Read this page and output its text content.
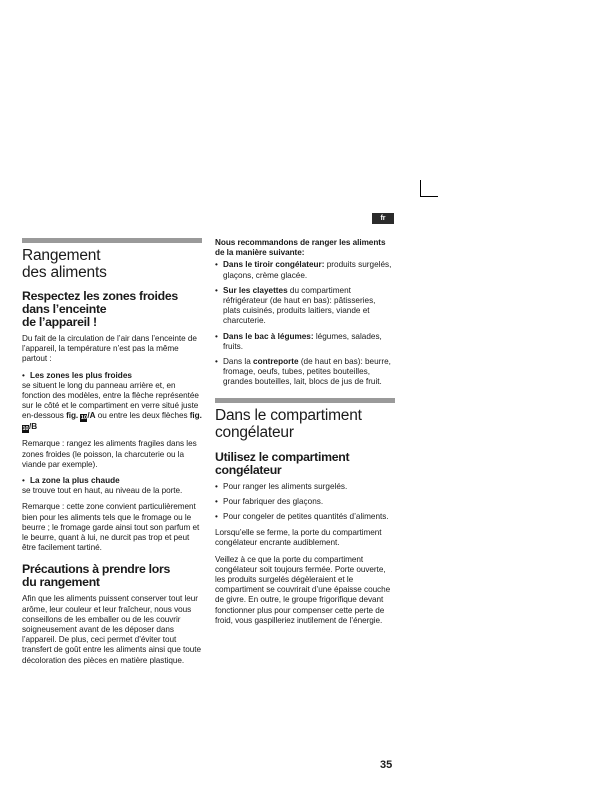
fr
Rangement
des aliments
Respectez les zones froides
dans l’enceinte
de l’appareil !

Du fait de la circulation de l’air dans l’enceinte de l’appareil, la température n’est pas la même partout :

• Les zones les plus froides

se situent le long du panneau arrière et, en fonction des modèles, entre la flèche représentée sur le côté et le compartiment en verre situé juste en-dessous fig. 10/A ou entre les deux flèches fig. 10/B

Remarque : rangez les aliments fragiles dans les zones froides (le poisson, la charcuterie ou la viande par exemple).

• La zone la plus chaude

se trouve tout en haut, au niveau de la porte.

Remarque : cette zone convient particulièrement bien pour les aliments tels que le fromage ou le beurre ; le fromage garde ainsi tout son parfum et le beurre, quant à lui, ne durcit pas trop et peut être facilement tartiné.

Précautions à prendre lors
du rangement

Afin que les aliments puissent conserver tout leur arôme, leur couleur et leur fraîcheur, nous vous conseillons de les emballer ou de les couvrir soigneusement avant de les déposer dans l’appareil. De plus, ceci permet d’éviter tout transfert de goût entre les aliments ainsi que toute décoloration des pièces en matière plastique.

Nous recommandons de ranger les aliments de la manière suivante:

• Dans le tiroir congélateur: produits surgelés, glaçons, crème glacée.
• Sur les clayettes du compartiment réfrigérateur (de haut en bas): pâtisseries, plats cuisinés, produits laitiers, viande et charcuterie.
• Dans le bac à légumes: légumes, salades, fruits.
• Dans la contreporte (de haut en bas): beurre, fromage, oeufs, tubes, petites bouteilles, grandes bouteilles, lait, blocs de jus de fruit.
Dans le compartiment
congélateur
Utilisez le compartiment
congélateur
• Pour ranger les aliments surgelés.
• Pour fabriquer des glaçons.
• Pour congeler de petites quantités d’aliments.

Lorsqu’elle se ferme, la porte du compartiment congélateur encrante audiblement.

Veillez à ce que la porte du compartiment congélateur soit toujours fermée. Porte ouverte, les produits surgelés dégèleraient et le compartiment se couvrirait d’une épaisse couche de givre. En outre, le groupe frigorifique devant fonctionner plus pour compenser cette perte de froid, vous gaspilleriez inutilement de l’énergie.

35
